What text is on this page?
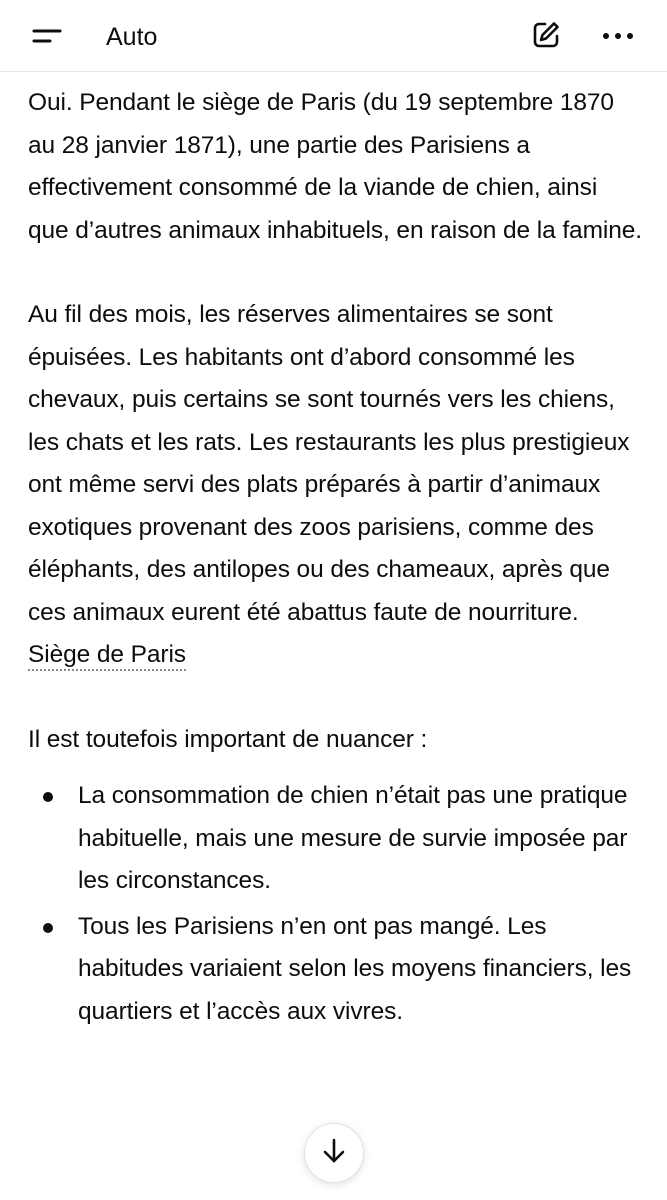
Auto

Oui. Pendant le siège de Paris (du 19 septembre 1870 au 28 janvier 1871), une partie des Parisiens a effectivement consommé de la viande de chien, ainsi que d’autres animaux inhabituels, en raison de la famine.

Au fil des mois, les réserves alimentaires se sont épuisées. Les habitants ont d’abord consommé les chevaux, puis certains se sont tournés vers les chiens, les chats et les rats. Les restaurants les plus prestigieux ont même servi des plats préparés à partir d’animaux exotiques provenant des zoos parisiens, comme des éléphants, des antilopes ou des chameaux, après que ces animaux eurent été abattus faute de nourriture. Siège de Paris

Il est toutefois important de nuancer :

La consommation de chien n’était pas une pratique habituelle, mais une mesure de survie imposée par les circonstances.
Tous les Parisiens n’en ont pas mangé. Les habitudes variaient selon les moyens financiers, les quartiers et l’accès aux vivres.
